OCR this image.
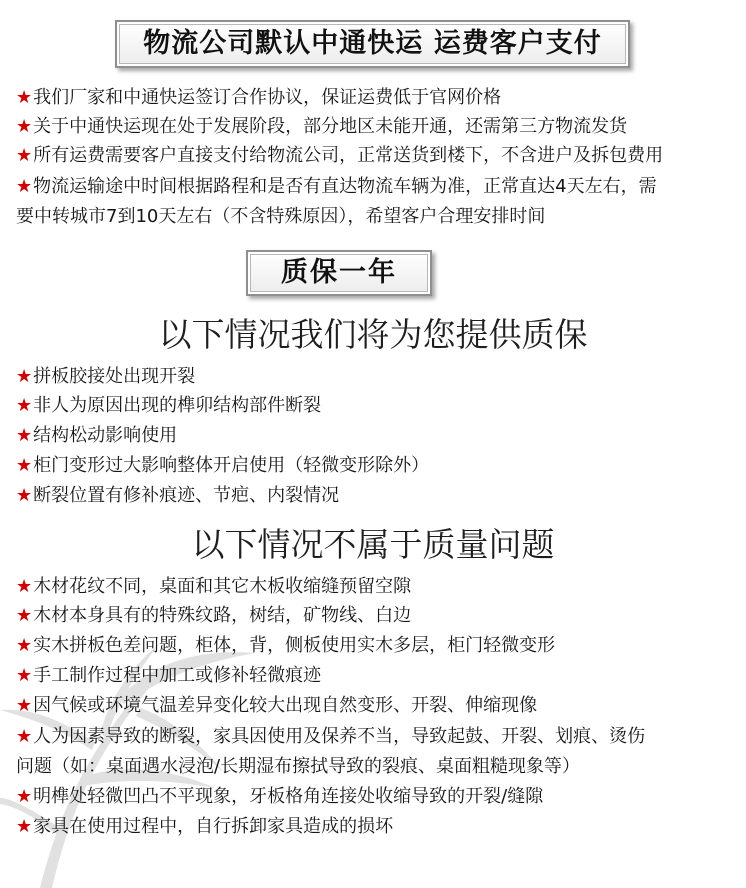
物流公司默认中通快运 运费客户支付
★我们厂家和中通快运签订合作协议，保证运费低于官网价格
★关于中通快运现在处于发展阶段，部分地区未能开通，还需第三方物流发货
★所有运费需要客户直接支付给物流公司，正常送货到楼下，不含进户及拆包费用
★物流运输途中时间根据路程和是否有直达物流车辆为准，正常直达4天左右，需
要中转城市7到10天左右（不含特殊原因），希望客户合理安排时间
质保一年
以下情况我们将为您提供质保
★拼板胶接处出现开裂
★非人为原因出现的榫卯结构部件断裂
★结构松动影响使用
★柜门变形过大影响整体开启使用（轻微变形除外）
★断裂位置有修补痕迹、节疤、内裂情况
以下情况不属于质量问题
★木材花纹不同，桌面和其它木板收缩缝预留空隙
★木材本身具有的特殊纹路，树结，矿物线、白边
★实木拼板色差问题，柜体，背，侧板使用实木多层，柜门轻微变形
★手工制作过程中加工或修补轻微痕迹
★因气候或环境气温差异变化较大出现自然变形、开裂、伸缩现像
★人为因素导致的断裂，家具因使用及保养不当，导致起鼓、开裂、划痕、烫伤
问题（如：桌面遇水浸泡/长期湿布擦拭导致的裂痕、桌面粗糙现象等）
★明榫处轻微凹凸不平现象，牙板格角连接处收缩导致的开裂/缝隙
★家具在使用过程中，自行拆卸家具造成的损坏
